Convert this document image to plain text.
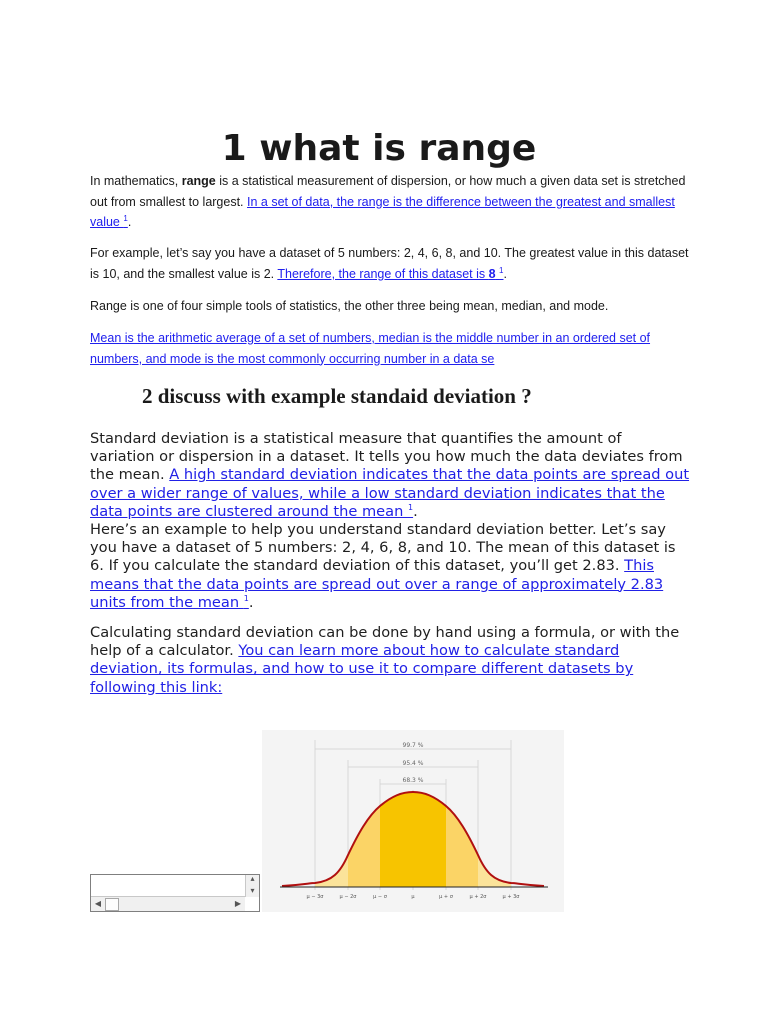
1 what is range

In mathematics, range is a statistical measurement of dispersion, or how much a given data set is stretched out from smallest to largest. In a set of data, the range is the difference between the greatest and smallest value $^1$.

For example, let’s say you have a dataset of 5 numbers: 2, 4, 6, 8, and 10. The greatest value in this dataset is 10, and the smallest value is 2. Therefore, the range of this dataset is 8 $^1$.

Range is one of four simple tools of statistics, the other three being mean, median, and mode.

Mean is the arithmetic average of a set of numbers, median is the middle number in an ordered set of numbers, and mode is the most commonly occurring number in a data se

2 discuss with example standaid deviation ?

Standard deviation is a statistical measure that quantifies the amount of variation or dispersion in a dataset. It tells you how much the data deviates from the mean. A high standard deviation indicates that the data points are spread out over a wider range of values, while a low standard deviation indicates that the data points are clustered around the mean $^1$.
Here’s an example to help you understand standard deviation better. Let’s say you have a dataset of 5 numbers: 2, 4, 6, 8, and 10. The mean of this dataset is 6. If you calculate the standard deviation of this dataset, you’ll get 2.83. This means that the data points are spread out over a range of approximately 2.83 units from the mean $^1$.

Calculating standard deviation can be done by hand using a formula, or with the help of a calculator. You can learn more about how to calculate standard deviation, its formulas, and how to use it to compare different datasets by following this link:

▴
▾
◀	▶
99.7 %
95.4 %
68.3 %
μ − 3σ	μ − 2σ	μ − σ	μ	μ + σ	μ + 2σ	μ + 3σ
